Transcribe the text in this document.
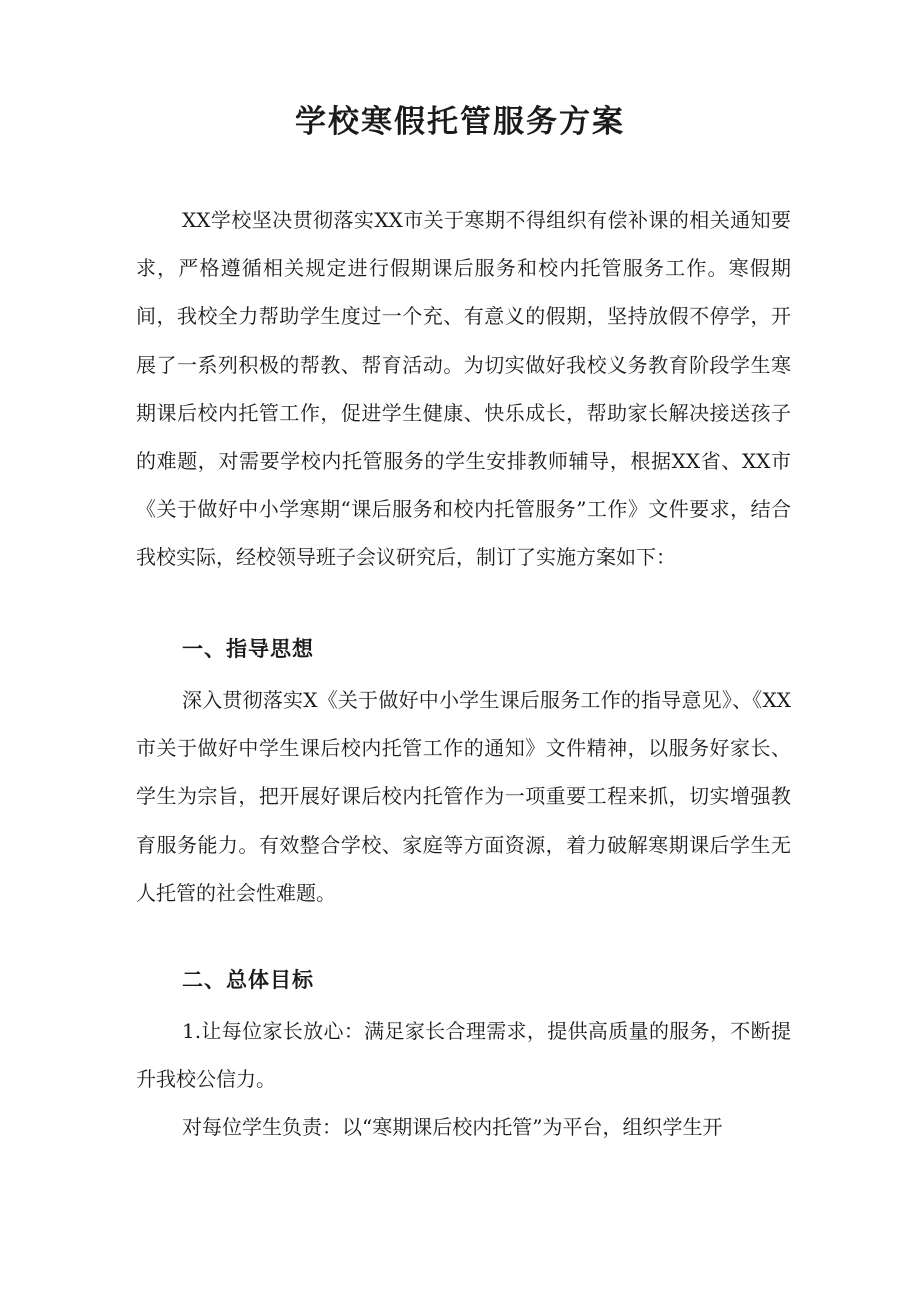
学校寒假托管服务方案

XX学校坚决贯彻落实XX市关于寒期不得组织有偿补课的相关通知要求，严格遵循相关规定进行假期课后服务和校内托管服务工作。寒假期间，我校全力帮助学生度过一个充、有意义的假期，坚持放假不停学，开展了一系列积极的帮教、帮育活动。为切实做好我校义务教育阶段学生寒期课后校内托管工作，促进学生健康、快乐成长，帮助家长解决接送孩子的难题，对需要学校内托管服务的学生安排教师辅导，根据XX省、XX市《关于做好中小学寒期“课后服务和校内托管服务”工作》文件要求，结合我校实际，经校领导班子会议研究后，制订了实施方案如下：

一、指导思想

深入贯彻落实X《关于做好中小学生课后服务工作的指导意见》、《XX市关于做好中学生课后校内托管工作的通知》文件精神，以服务好家长、学生为宗旨，把开展好课后校内托管作为一项重要工程来抓，切实增强教育服务能力。有效整合学校、家庭等方面资源，着力破解寒期课后学生无人托管的社会性难题。

二、总体目标

1.让每位家长放心：满足家长合理需求，提供高质量的服务，不断提升我校公信力。

对每位学生负责：以“寒期课后校内托管”为平台，组织学生开
